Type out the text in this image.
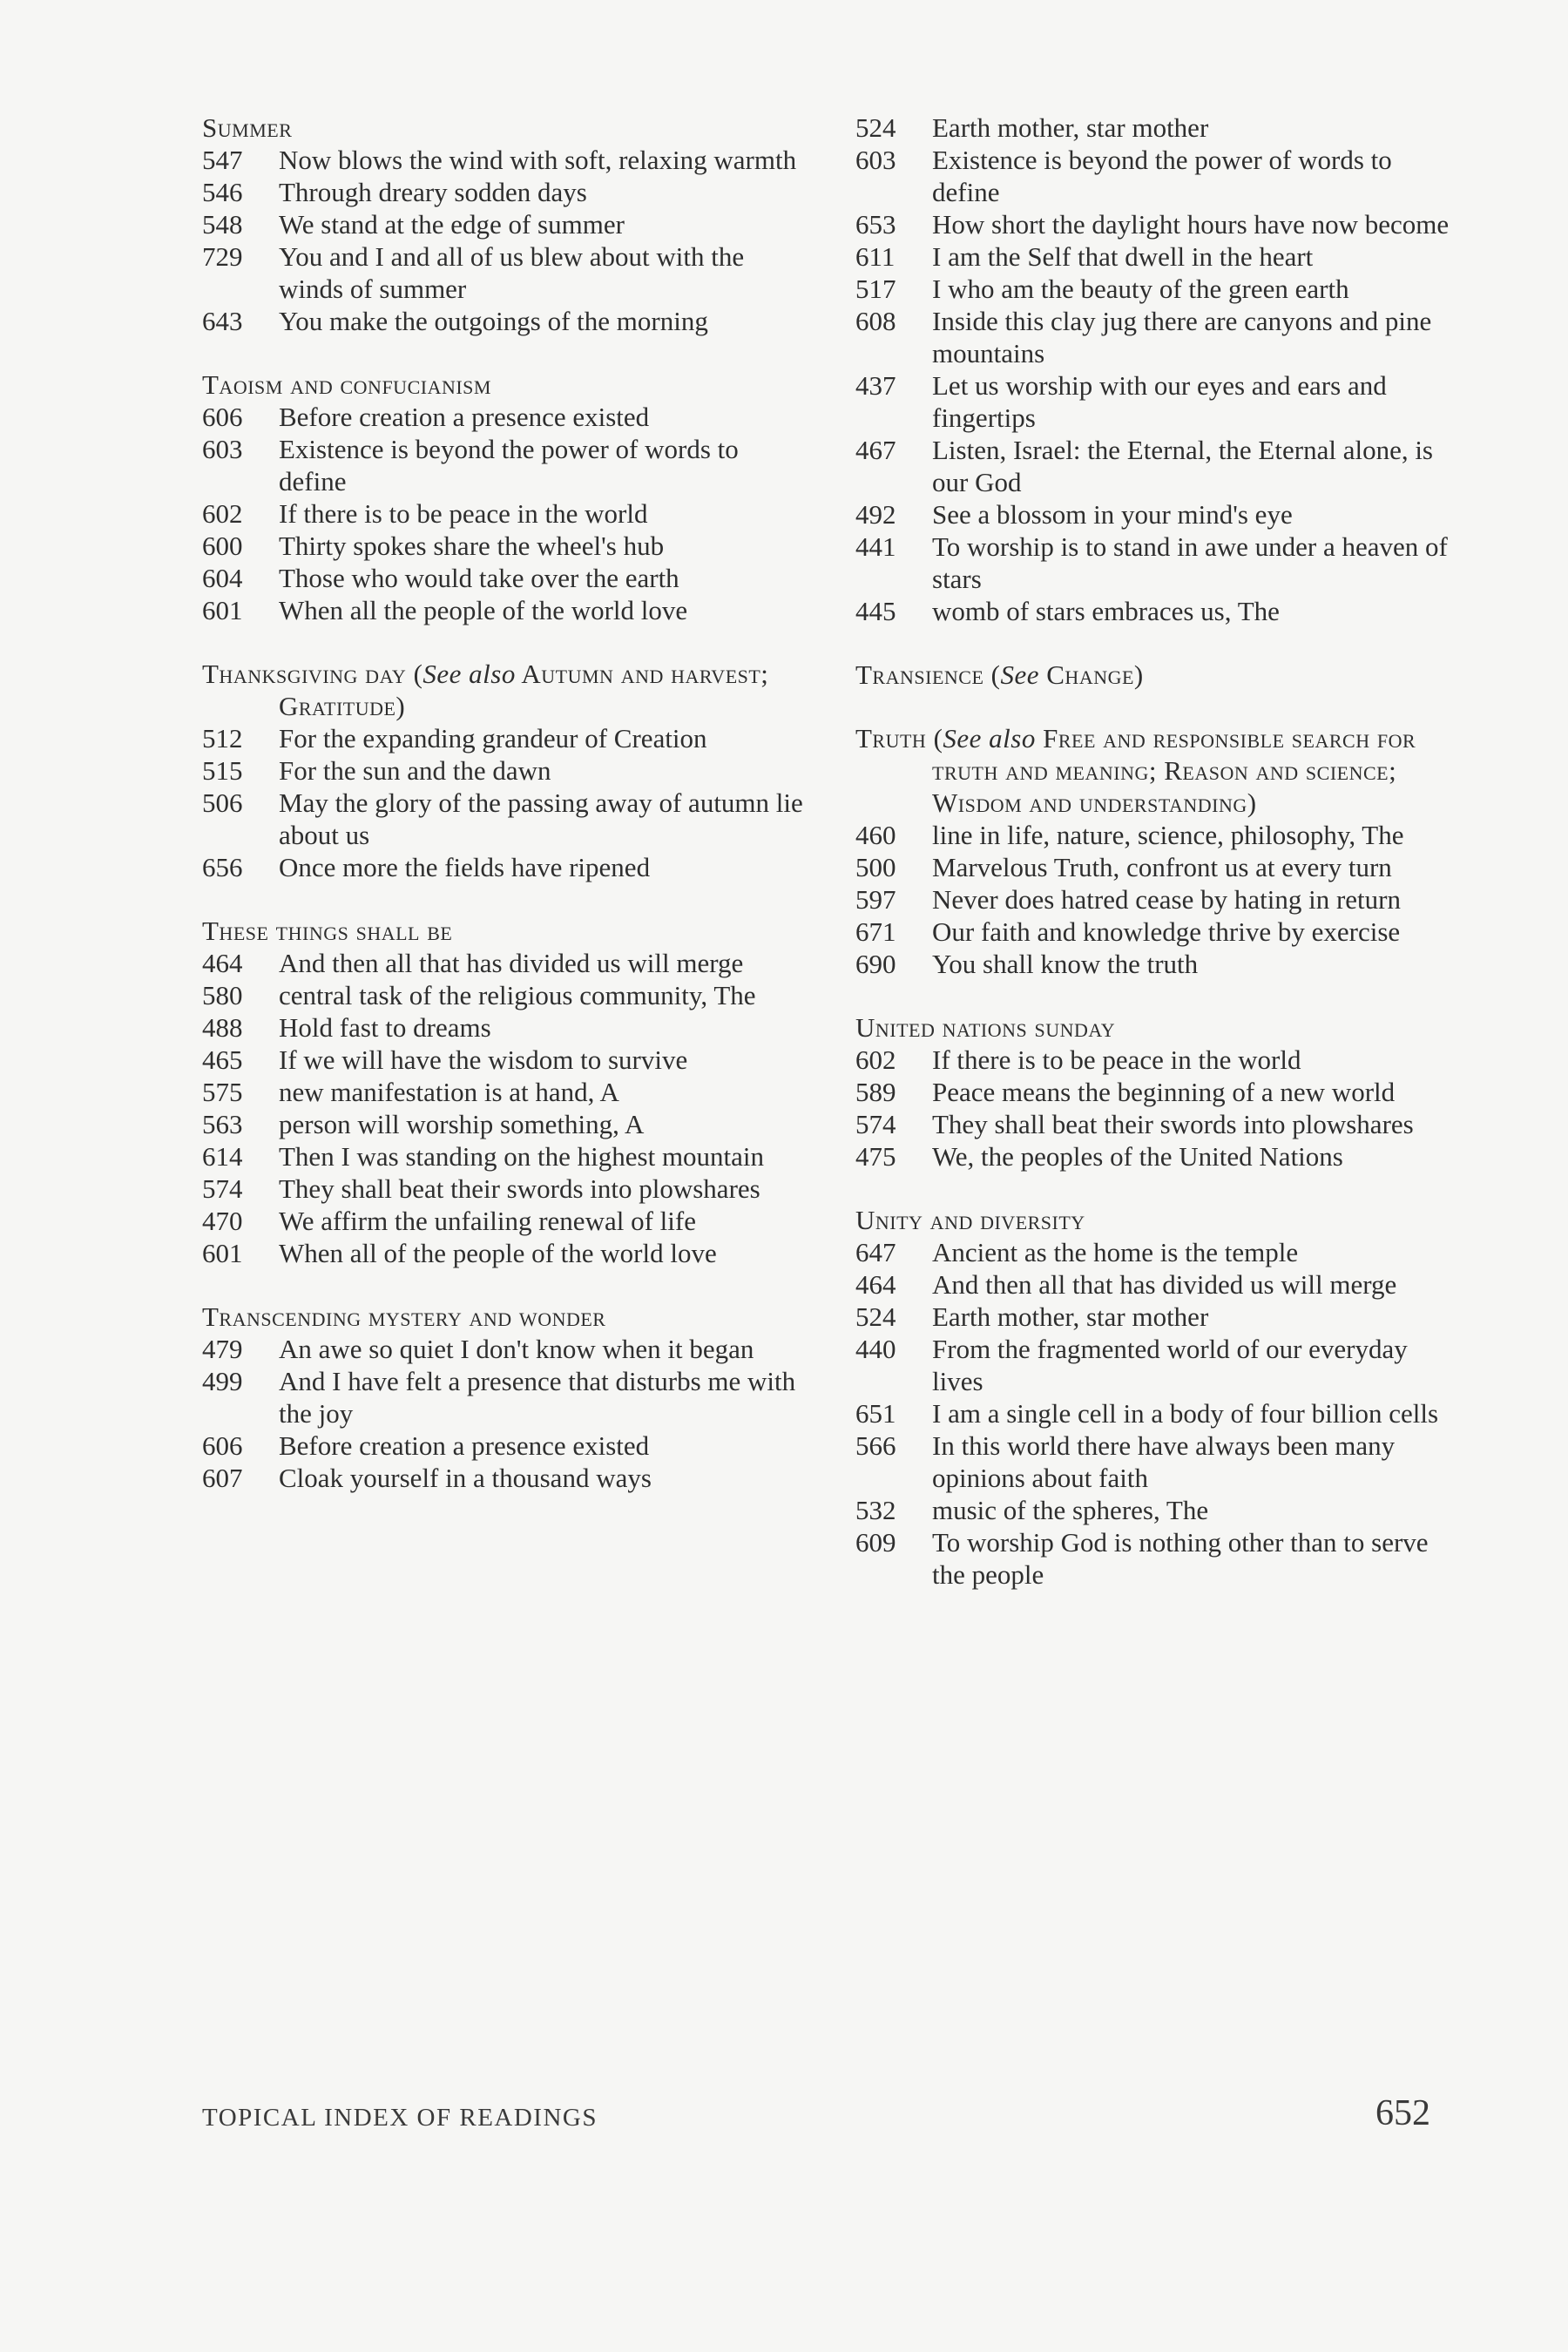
Summer
547	Now blows the wind with soft, relaxing warmth
546	Through dreary sodden days
548	We stand at the edge of summer
729	You and I and all of us blew about with the winds of summer
643	You make the outgoings of the morning
Taoism and confucianism
606	Before creation a presence existed
603	Existence is beyond the power of words to define
602	If there is to be peace in the world
600	Thirty spokes share the wheel's hub
604	Those who would take over the earth
601	When all the people of the world love
Thanksgiving day (See also Autumn and harvest; Gratitude)
512	For the expanding grandeur of Creation
515	For the sun and the dawn
506	May the glory of the passing away of autumn lie about us
656	Once more the fields have ripened
These things shall be
464	And then all that has divided us will merge
580	central task of the religious community, The
488	Hold fast to dreams
465	If we will have the wisdom to survive
575	new manifestation is at hand, A
563	person will worship something, A
614	Then I was standing on the highest mountain
574	They shall beat their swords into plowshares
470	We affirm the unfailing renewal of life
601	When all of the people of the world love
Transcending mystery and wonder
479	An awe so quiet I don't know when it began
499	And I have felt a presence that disturbs me with the joy
606	Before creation a presence existed
607	Cloak yourself in a thousand ways
524	Earth mother, star mother
603	Existence is beyond the power of words to define
653	How short the daylight hours have now become
611	I am the Self that dwell in the heart
517	I who am the beauty of the green earth
608	Inside this clay jug there are canyons and pine mountains
437	Let us worship with our eyes and ears and fingertips
467	Listen, Israel: the Eternal, the Eternal alone, is our God
492	See a blossom in your mind's eye
441	To worship is to stand in awe under a heaven of stars
445	womb of stars embraces us, The
Transience (See Change)
Truth (See also Free and responsible search for truth and meaning; Reason and science; Wisdom and understanding)
460	line in life, nature, science, philosophy, The
500	Marvelous Truth, confront us at every turn
597	Never does hatred cease by hating in return
671	Our faith and knowledge thrive by exercise
690	You shall know the truth
United nations sunday
602	If there is to be peace in the world
589	Peace means the beginning of a new world
574	They shall beat their swords into plowshares
475	We, the peoples of the United Nations
Unity and diversity
647	Ancient as the home is the temple
464	And then all that has divided us will merge
524	Earth mother, star mother
440	From the fragmented world of our everyday lives
651	I am a single cell in a body of four billion cells
566	In this world there have always been many opinions about faith
532	music of the spheres, The
609	To worship God is nothing other than to serve the people
TOPICAL INDEX OF READINGS	652
